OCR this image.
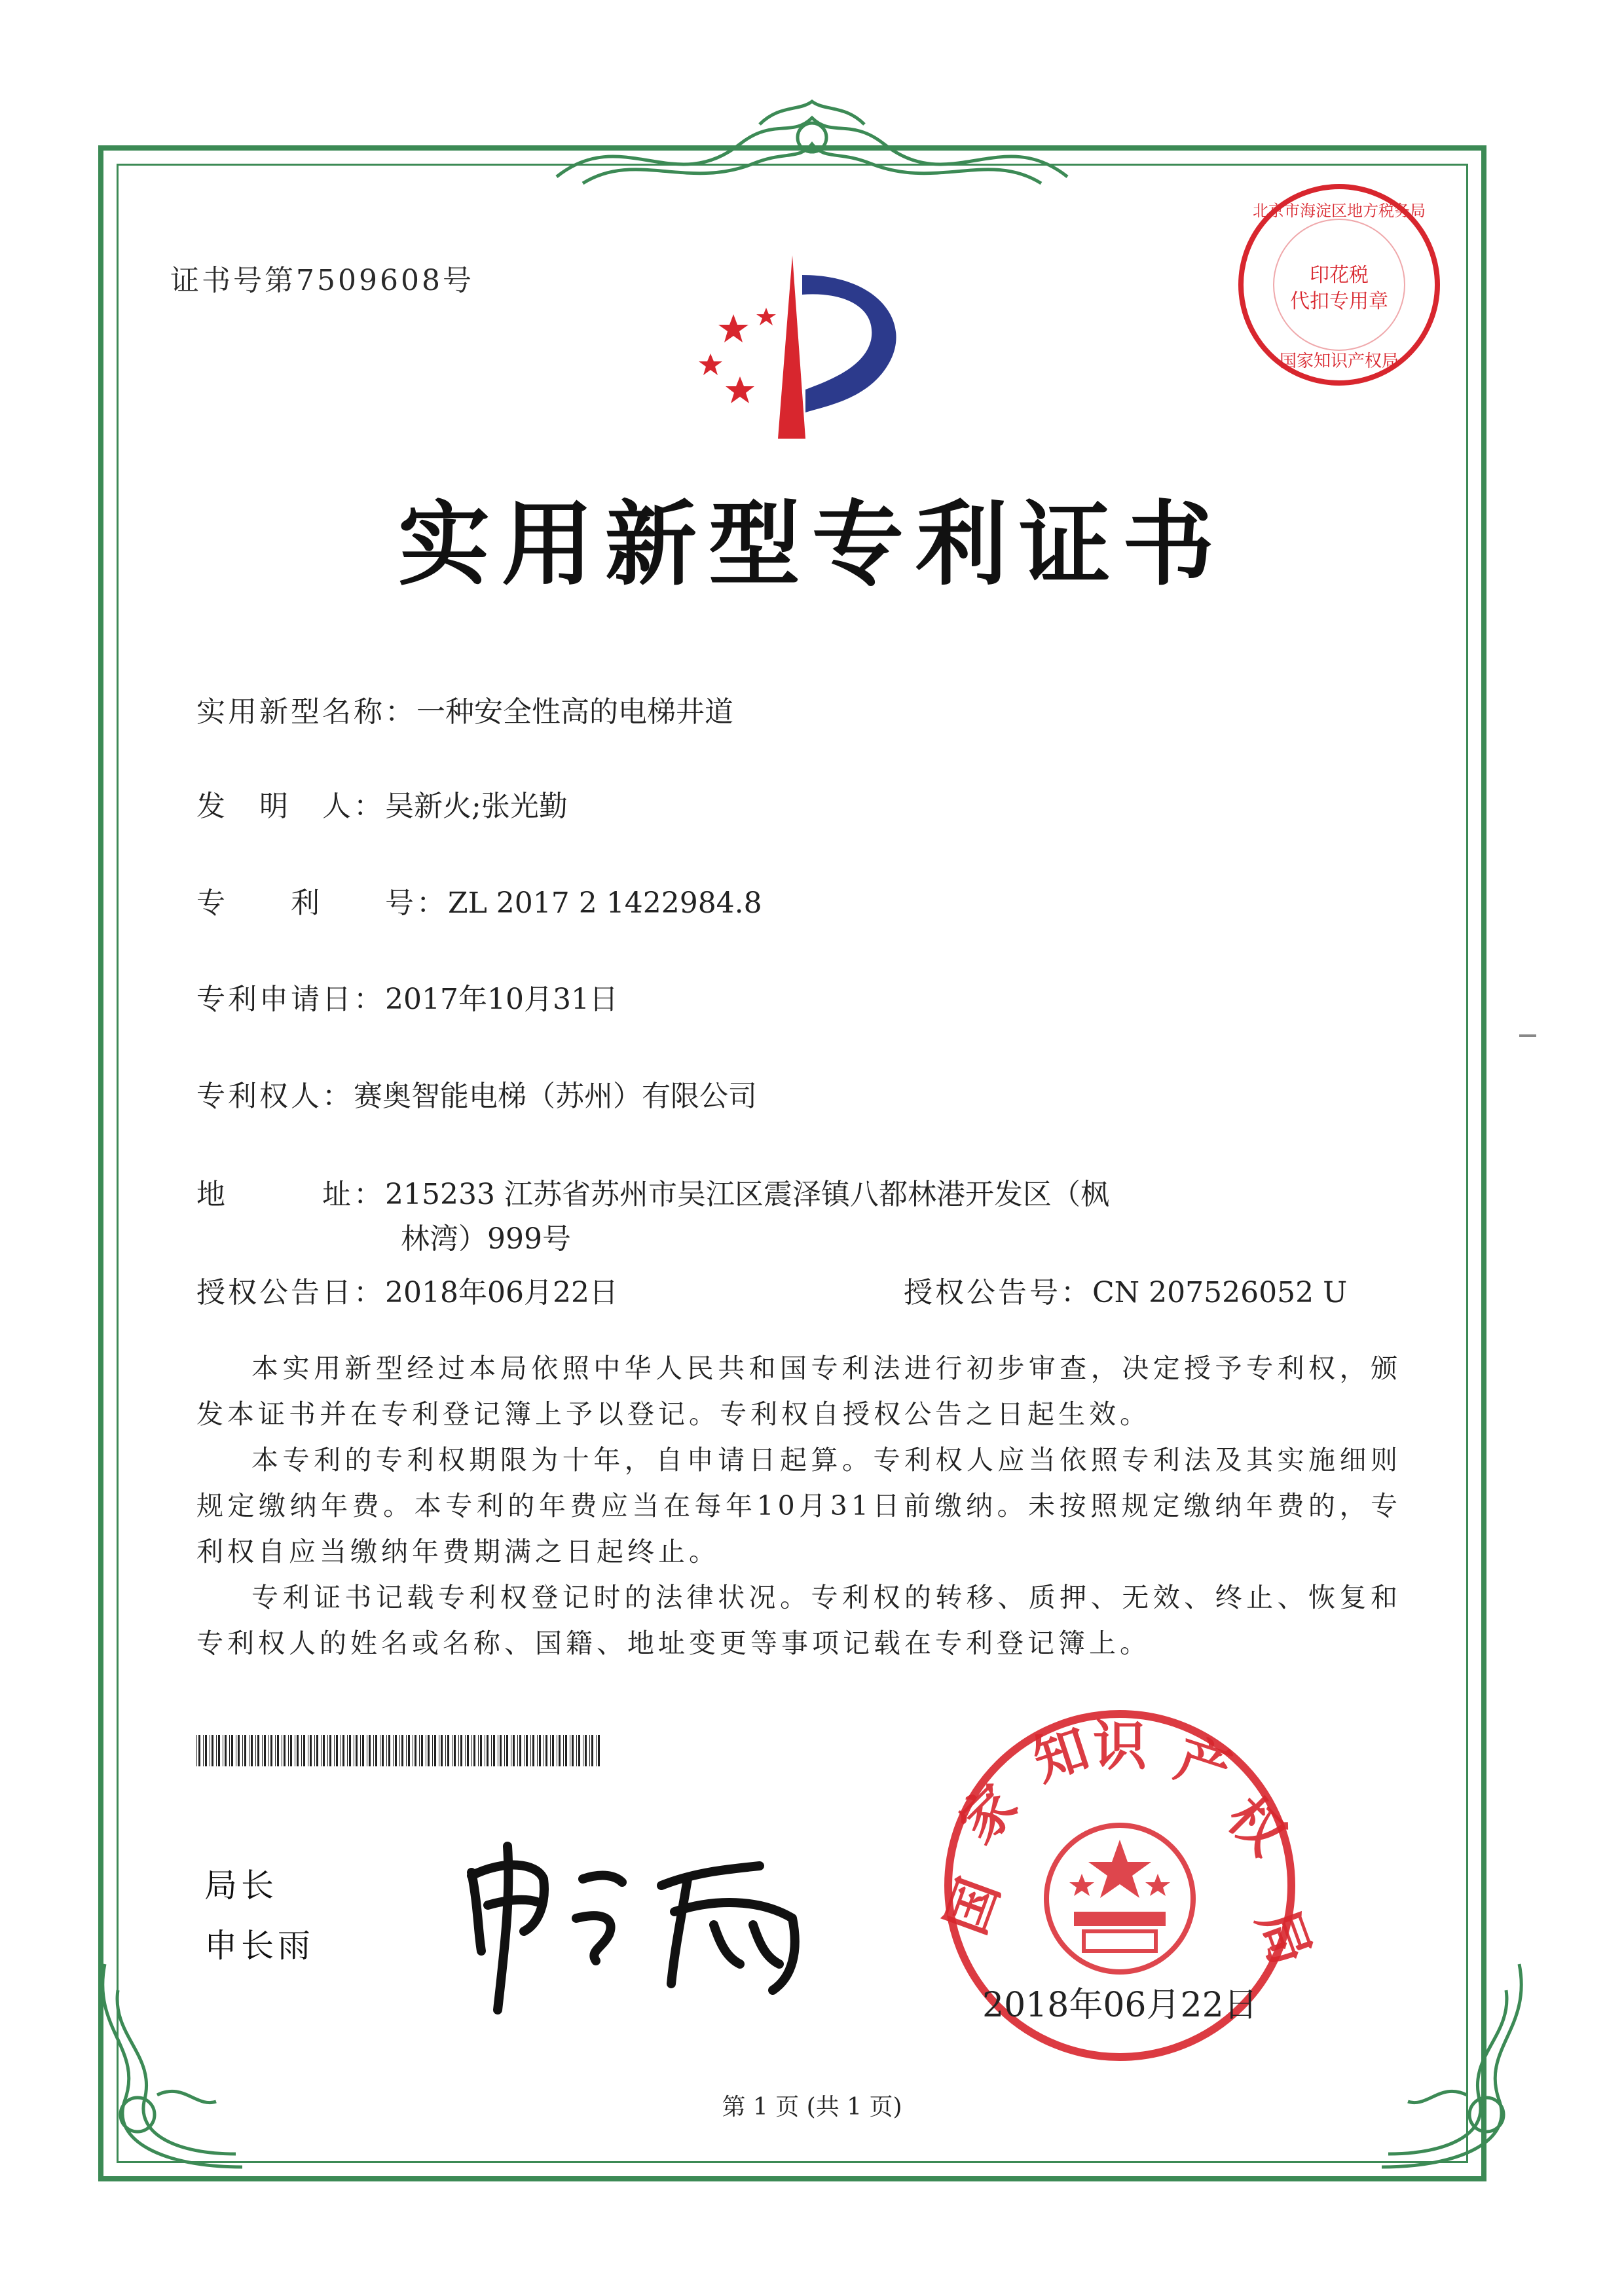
证书号第7509608号	印花税
代扣专用章
北京市海淀区地方税务局
国家知识产权局
实用新型专利证书
实用新型名称：一种安全性高的电梯井道
发　明　人：吴新火;张光勤
专　　利　　号：ZL 2017 2 1422984.8
专利申请日：2017年10月31日
专利权人：赛奥智能电梯（苏州）有限公司
地　　　址：215233 江苏省苏州市吴江区震泽镇八都林港开发区（枫
林湾）999号
授权公告日：2018年06月22日	授权公告号：CN 207526052 U
本实用新型经过本局依照中华人民共和国专利法进行初步审查，决定授予专利权，颁发本证书并在专利登记簿上予以登记。专利权自授权公告之日起生效。
本专利的专利权期限为十年，自申请日起算。专利权人应当依照专利法及其实施细则规定缴纳年费。本专利的年费应当在每年10月31日前缴纳。未按照规定缴纳年费的，专利权自应当缴纳年费期满之日起终止。
专利证书记载专利权登记时的法律状况。专利权的转移、质押、无效、终止、恢复和专利权人的姓名或名称、国籍、地址变更等事项记载在专利登记簿上。
局长
申长雨
国
家
知
识 产
权
局
2018年06月22日
第 1 页 (共 1 页)
